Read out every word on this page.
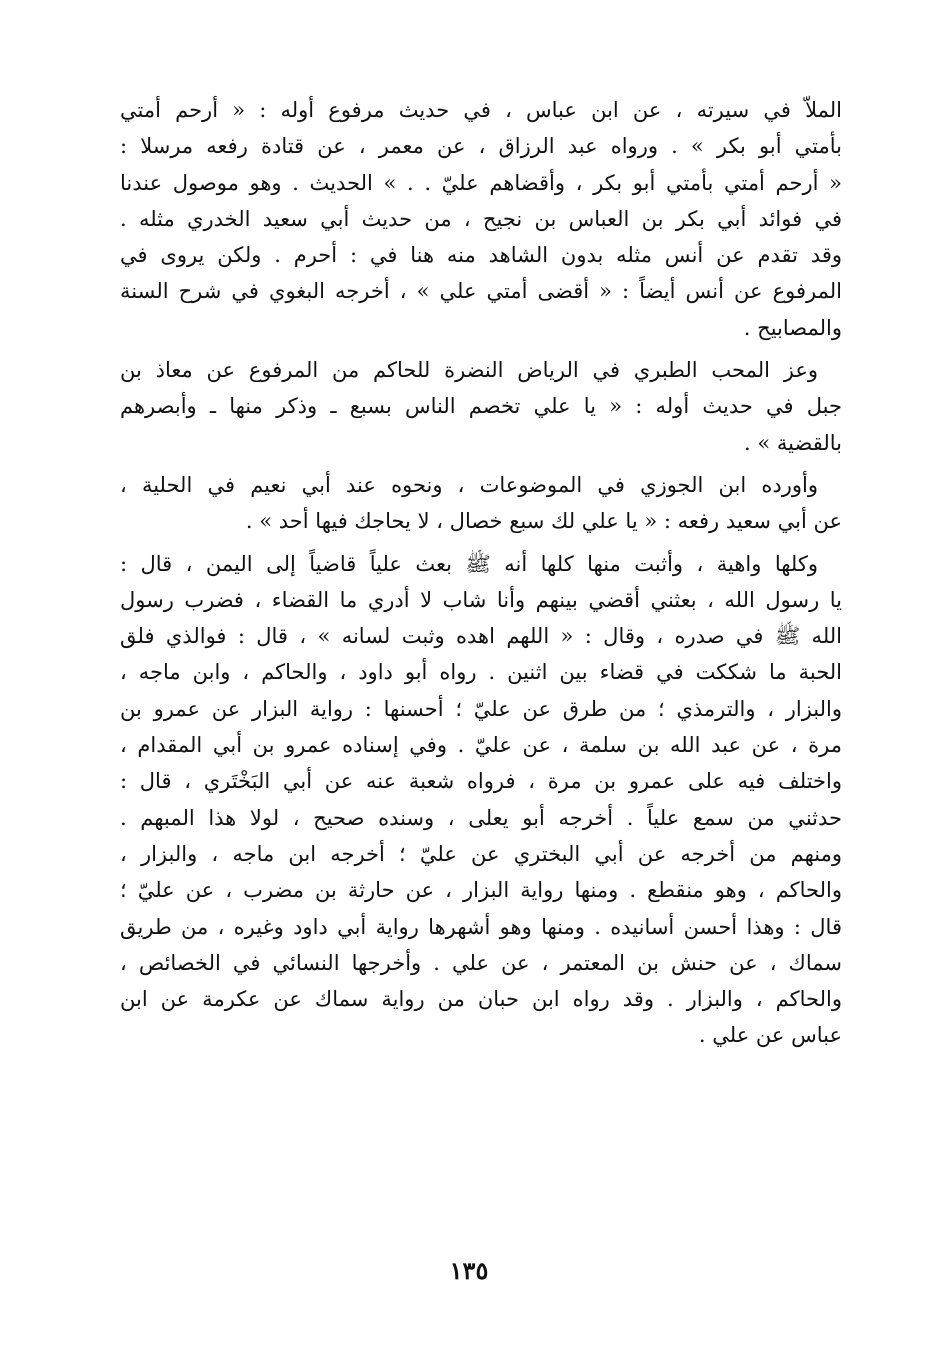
الملاّ في سيرته ، عن ابن عباس ، في حديث مرفوع أوله : « أرحم أمتي
بأمتي أبو بكر » . ورواه عبد الرزاق ، عن معمر ، عن قتادة رفعه مرسلا :
« أرحم أمتي بأمتي أبو بكر ، وأقضاهم عليّ . . » الحديث . وهو موصول عندنا
في فوائد أبي بكر بن العباس بن نجيح ، من حديث أبي سعيد الخدري مثله .
وقد تقدم عن أنس مثله بدون الشاهد منه هنا في : أحرم . ولكن يروى في
المرفوع عن أنس أيضاً : « أقضى أمتي علي » ، أخرجه البغوي في شرح السنة
والمصابيح .
وعز المحب الطبري في الرياض النضرة للحاكم من المرفوع عن معاذ بن
جبل في حديث أوله : « يا علي تخصم الناس بسبع ـ وذكر منها ـ وأبصرهم
بالقضية » .
وأورده ابن الجوزي في الموضوعات ، ونحوه عند أبي نعيم في الحلية ،
عن أبي سعيد رفعه : « يا علي لك سبع خصال ، لا يحاجك فيها أحد » .
وكلها واهية ، وأثبت منها كلها أنه ﷺ بعث علياً قاضياً إلى اليمن ، قال :
يا رسول الله ، بعثني أقضي بينهم وأنا شاب لا أدري ما القضاء ، فضرب رسول
الله ﷺ في صدره ، وقال : « اللهم اهده وثبت لسانه » ، قال : فوالذي فلق
الحبة ما شككت في قضاء بين اثنين . رواه أبو داود ، والحاكم ، وابن ماجه ،
والبزار ، والترمذي ؛ من طرق عن عليّ ؛ أحسنها : رواية البزار عن عمرو بن
مرة ، عن عبد الله بن سلمة ، عن عليّ . وفي إسناده عمرو بن أبي المقدام ،
واختلف فيه على عمرو بن مرة ، فرواه شعبة عنه عن أبي البَخْتَري ، قال :
حدثني من سمع علياً . أخرجه أبو يعلى ، وسنده صحيح ، لولا هذا المبهم .
ومنهم من أخرجه عن أبي البختري عن عليّ ؛ أخرجه ابن ماجه ، والبزار ،
والحاكم ، وهو منقطع . ومنها رواية البزار ، عن حارثة بن مضرب ، عن عليّ ؛
قال : وهذا أحسن أسانيده . ومنها وهو أشهرها رواية أبي داود وغيره ، من طريق
سماك ، عن حنش بن المعتمر ، عن علي . وأخرجها النسائي في الخصائص ،
والحاكم ، والبزار . وقد رواه ابن حبان من رواية سماك عن عكرمة عن ابن
عباس عن علي .
١٣٥
